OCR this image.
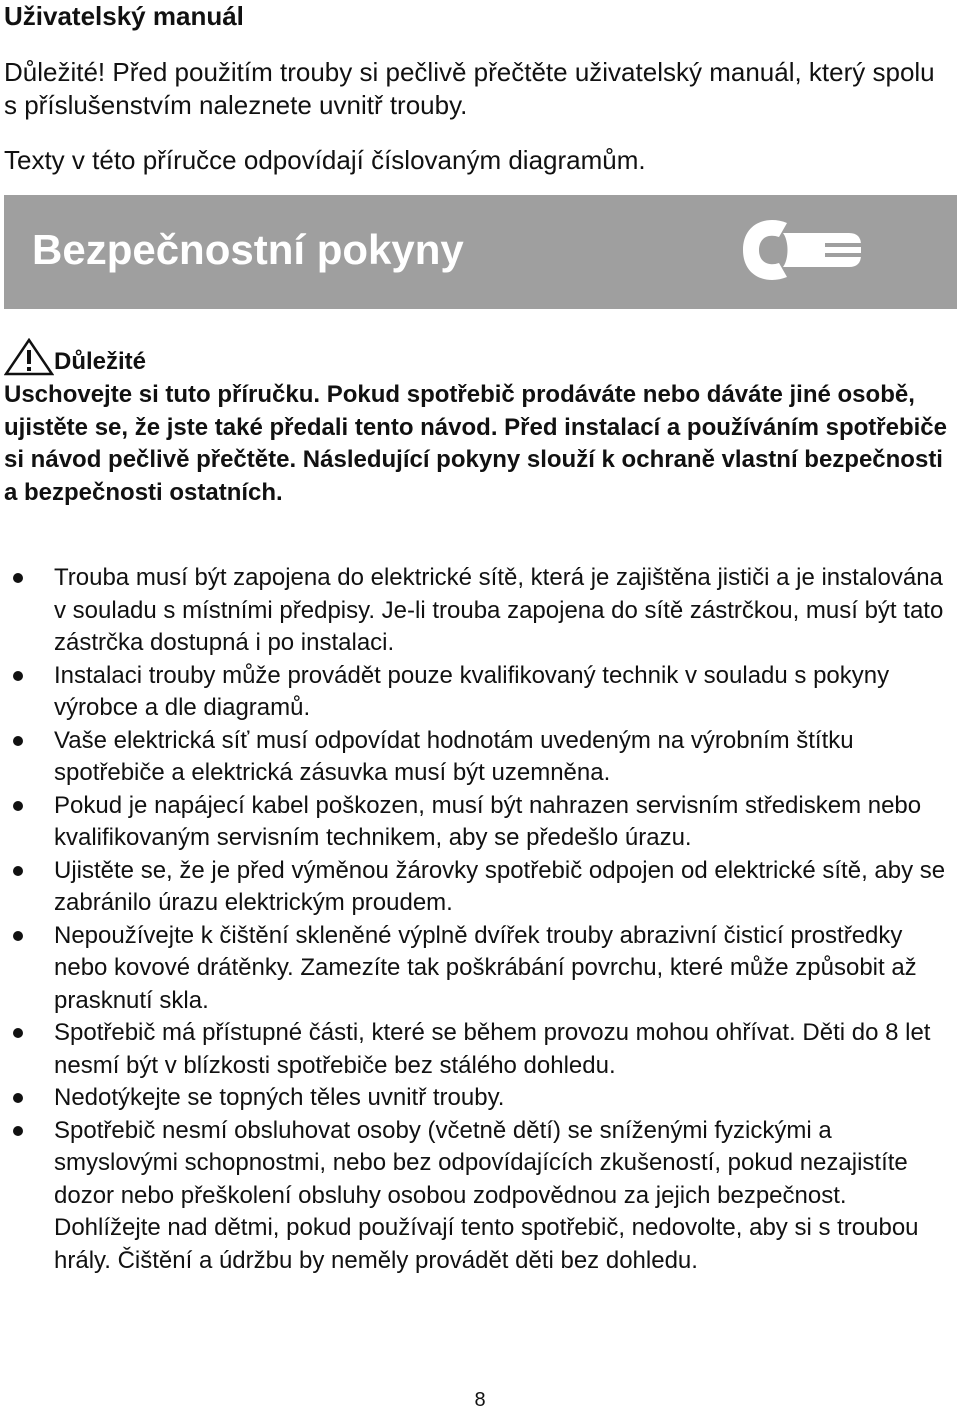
Uživatelský manuál

Důležité! Před použitím trouby si pečlivě přečtěte uživatelský manuál, který spolu s příslušenstvím naleznete uvnitř trouby.

Texty v této příručce odpovídají číslovaným diagramům.

Bezpečnostní pokyny
Důležité

Uschovejte si tuto příručku. Pokud spotřebič prodáváte nebo dáváte jiné osobě, ujistěte se, že jste také předali tento návod. Před instalací a používáním spotřebiče si návod pečlivě přečtěte. Následující pokyny slouží k ochraně vlastní bezpečnosti a bezpečnosti ostatních.

Trouba musí být zapojena do elektrické sítě, která je zajištěna jističi a je instalována v souladu s místními předpisy. Je-li trouba zapojena do sítě zástrčkou, musí být tato zástrčka dostupná i po instalaci.
Instalaci trouby může provádět pouze kvalifikovaný technik v souladu s pokyny výrobce a dle diagramů.
Vaše elektrická síť musí odpovídat hodnotám uvedeným na výrobním štítku spotřebiče a elektrická zásuvka musí být uzemněna.
Pokud je napájecí kabel poškozen, musí být nahrazen servisním střediskem nebo kvalifikovaným servisním technikem, aby se předešlo úrazu.
Ujistěte se, že je před výměnou žárovky spotřebič odpojen od elektrické sítě, aby se zabránilo úrazu elektrickým proudem.
Nepoužívejte k čištění skleněné výplně dvířek trouby abrazivní čisticí prostředky nebo kovové drátěnky. Zamezíte tak poškrábání povrchu, které může způsobit až prasknutí skla.
Spotřebič má přístupné části, které se během provozu mohou ohřívat. Děti do 8 let nesmí být v blízkosti spotřebiče bez stálého dohledu.
Nedotýkejte se topných těles uvnitř trouby.
Spotřebič nesmí obsluhovat osoby (včetně dětí) se sníženými fyzickými a smyslovými schopnostmi, nebo bez odpovídajících zkušeností, pokud nezajistíte dozor nebo přeškolení obsluhy osobou zodpovědnou za jejich bezpečnost. Dohlížejte nad dětmi, pokud používají tento spotřebič, nedovolte, aby si s troubou hrály. Čištění a údržbu by neměly provádět děti bez dohledu.
8
